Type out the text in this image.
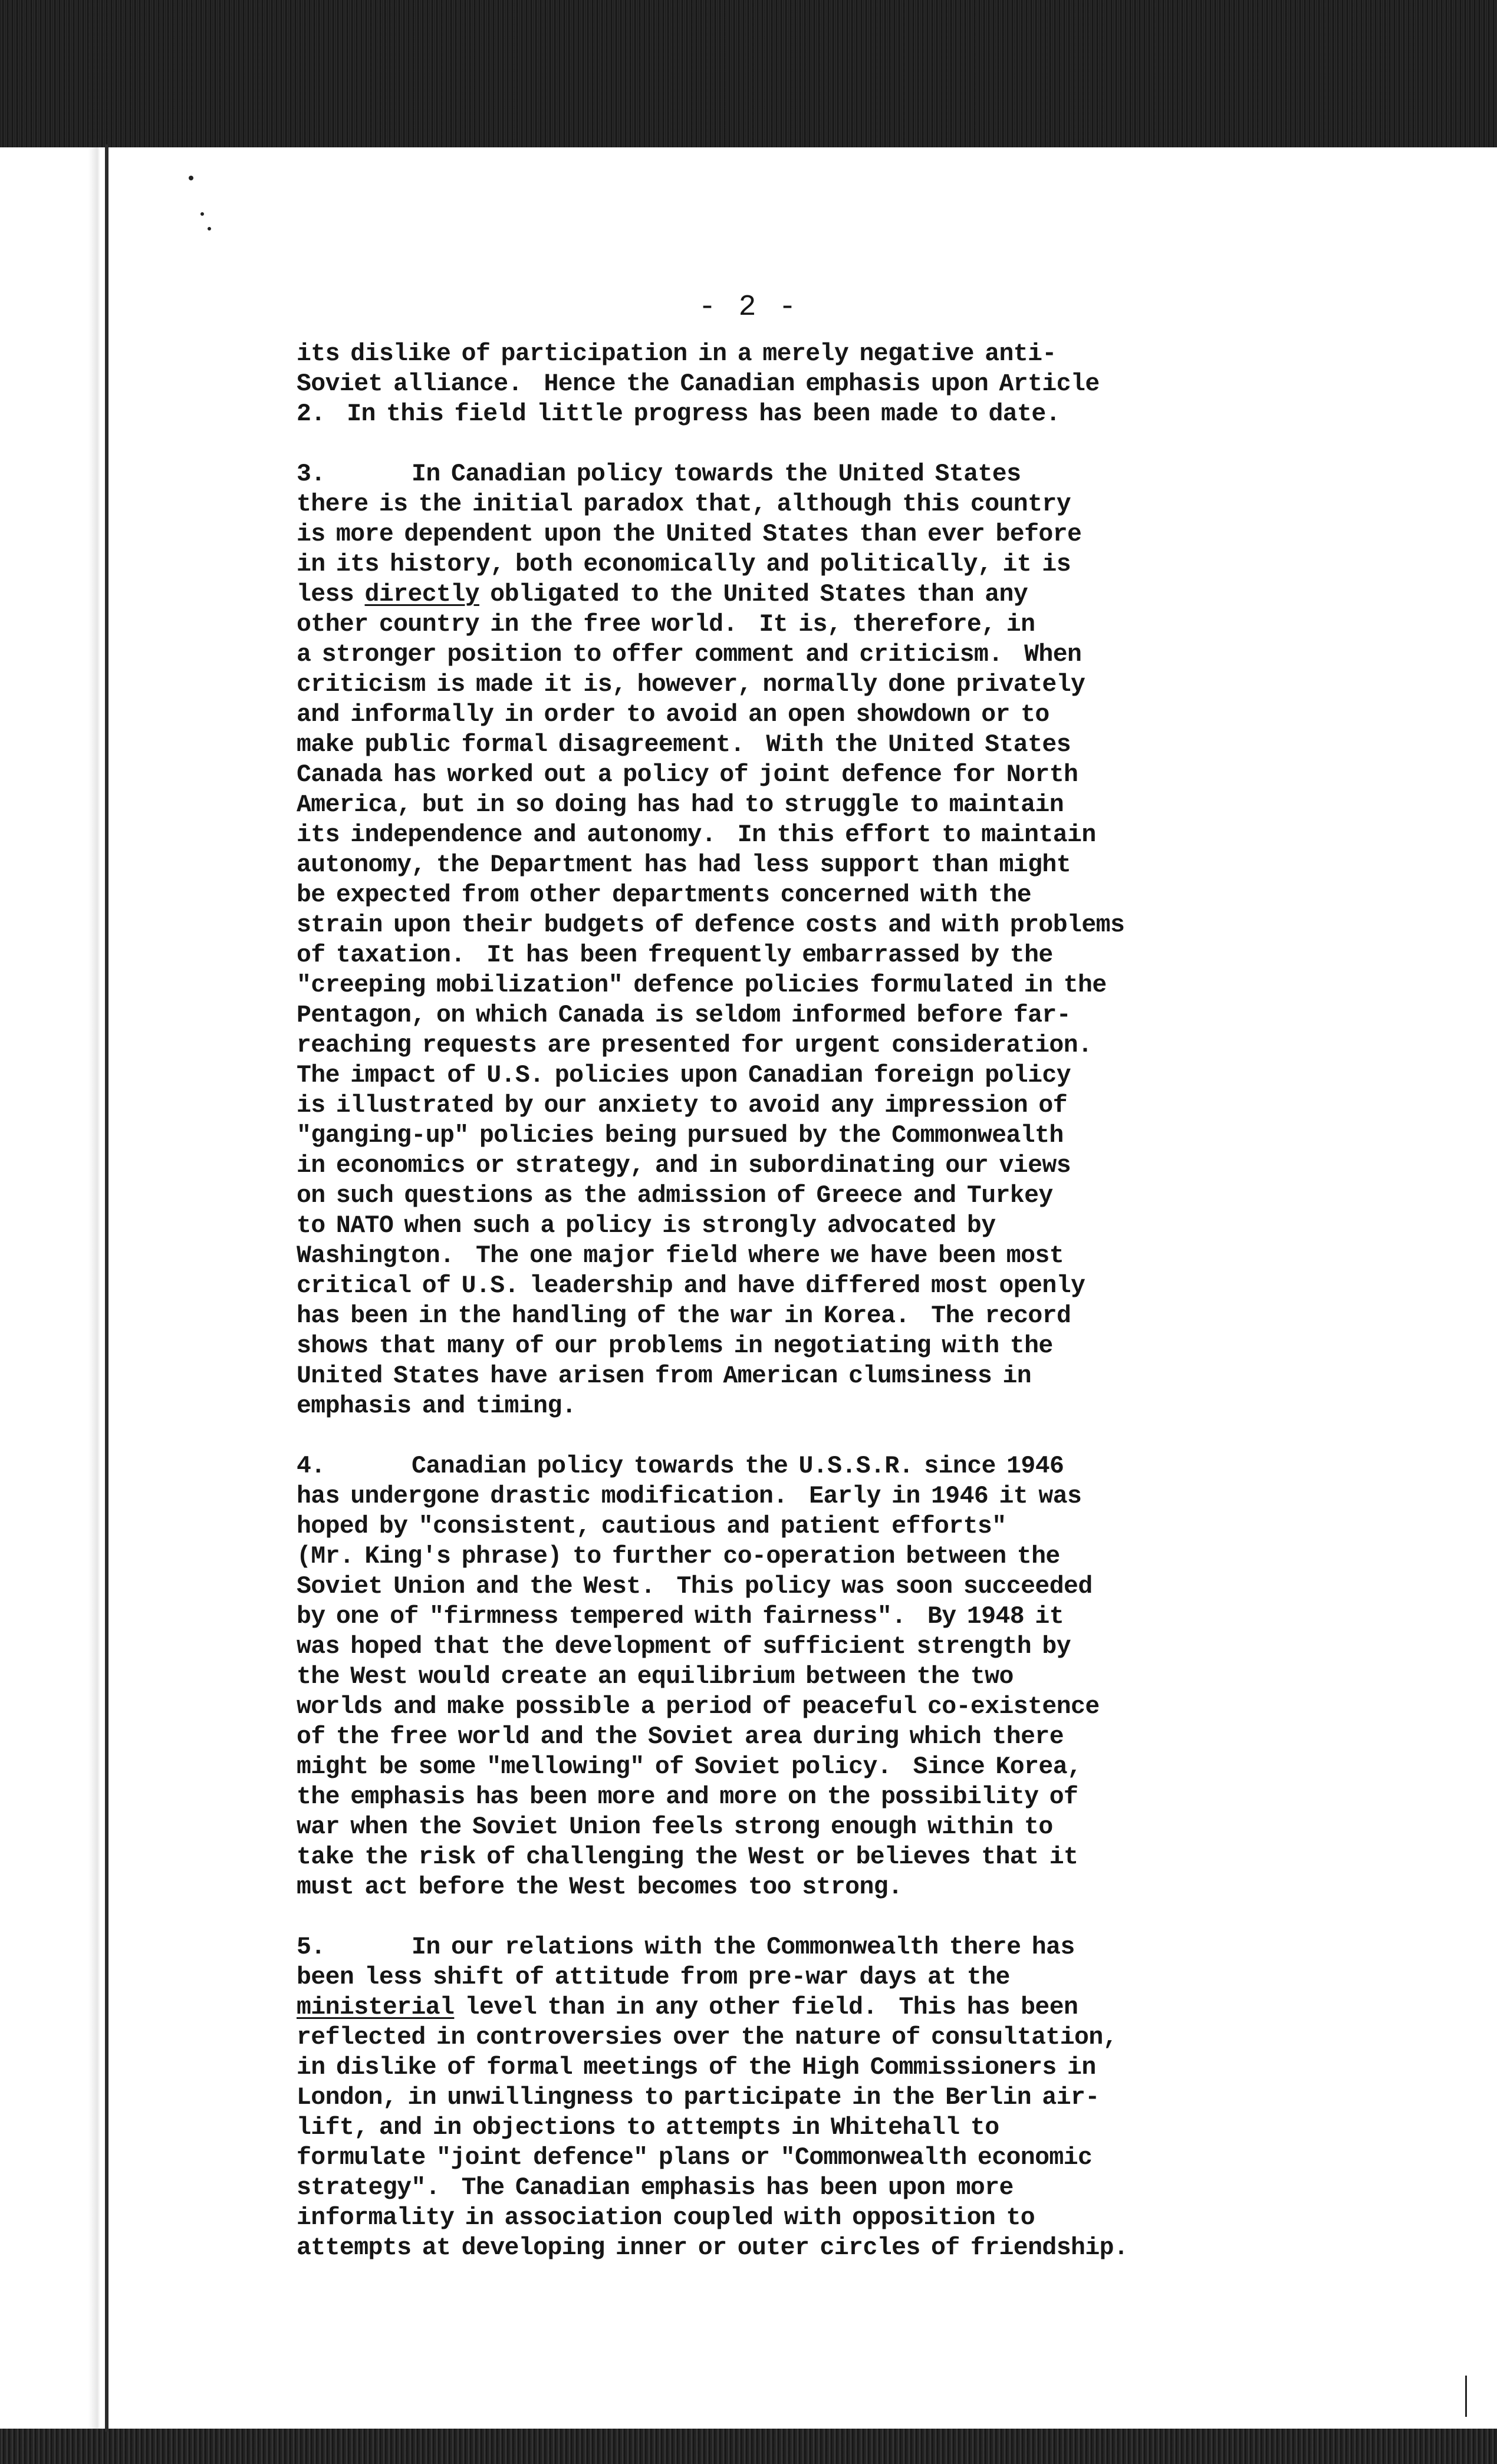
- 2 -
its dislike of participation in a merely negative anti-
Soviet alliance.  Hence the Canadian emphasis upon Article
2.  In this field little progress has been made to date.
3.        In Canadian policy towards the United States
there is the initial paradox that, although this country
is more dependent upon the United States than ever before
in its history, both economically and politically, it is
less directly obligated to the United States than any
other country in the free world.  It is, therefore, in
a stronger position to offer comment and criticism.  When
criticism is made it is, however, normally done privately
and informally in order to avoid an open showdown or to
make public formal disagreement.  With the United States
Canada has worked out a policy of joint defence for North
America, but in so doing has had to struggle to maintain
its independence and autonomy.  In this effort to maintain
autonomy, the Department has had less support than might
be expected from other departments concerned with the
strain upon their budgets of defence costs and with problems
of taxation.  It has been frequently embarrassed by the
"creeping mobilization" defence policies formulated in the
Pentagon, on which Canada is seldom informed before far-
reaching requests are presented for urgent consideration.
The impact of U.S. policies upon Canadian foreign policy
is illustrated by our anxiety to avoid any impression of
"ganging-up" policies being pursued by the Commonwealth
in economics or strategy, and in subordinating our views
on such questions as the admission of Greece and Turkey
to NATO when such a policy is strongly advocated by
Washington.  The one major field where we have been most
critical of U.S. leadership and have differed most openly
has been in the handling of the war in Korea.  The record
shows that many of our problems in negotiating with the
United States have arisen from American clumsiness in
emphasis and timing.
4.        Canadian policy towards the U.S.S.R. since 1946
has undergone drastic modification.  Early in 1946 it was
hoped by "consistent, cautious and patient efforts"
(Mr. King's phrase) to further co-operation between the
Soviet Union and the West.  This policy was soon succeeded
by one of "firmness tempered with fairness".  By 1948 it
was hoped that the development of sufficient strength by
the West would create an equilibrium between the two
worlds and make possible a period of peaceful co-existence
of the free world and the Soviet area during which there
might be some "mellowing" of Soviet policy.  Since Korea,
the emphasis has been more and more on the possibility of
war when the Soviet Union feels strong enough within to
take the risk of challenging the West or believes that it
must act before the West becomes too strong.
5.        In our relations with the Commonwealth there has
been less shift of attitude from pre-war days at the
ministerial level than in any other field.  This has been
reflected in controversies over the nature of consultation,
in dislike of formal meetings of the High Commissioners in
London, in unwillingness to participate in the Berlin air-
lift, and in objections to attempts in Whitehall to
formulate "joint defence" plans or "Commonwealth economic
strategy".  The Canadian emphasis has been upon more
informality in association coupled with opposition to
attempts at developing inner or outer circles of friendship.
